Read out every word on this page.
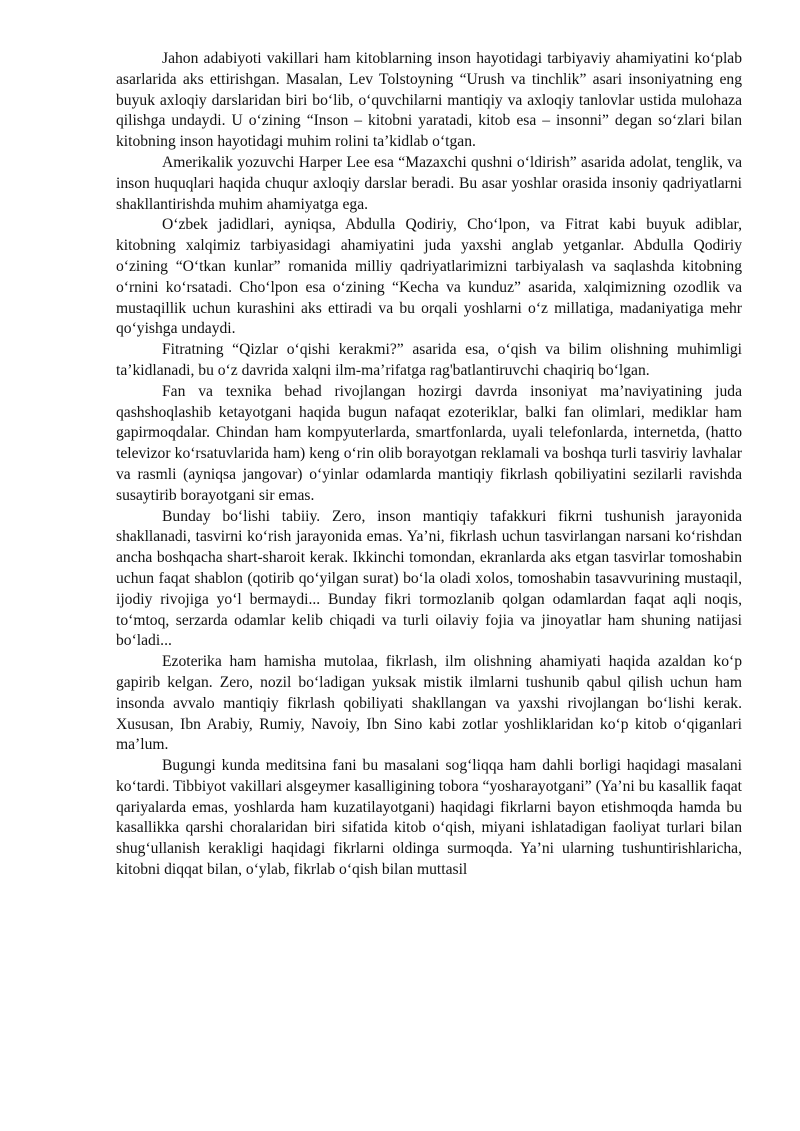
Jahon adabiyoti vakillari ham kitoblarning inson hayotidagi tarbiyaviy ahamiyatini ko‘plab asarlarida aks ettirishgan. Masalan, Lev Tolstoyning “Urush va tinchlik” asari insoniyatning eng buyuk axloqiy darslaridan biri bo‘lib, o‘quvchilarni mantiqiy va axloqiy tanlovlar ustida mulohaza qilishga undaydi. U o‘zining “Inson – kitobni yaratadi, kitob esa – insonni” degan so‘zlari bilan kitobning inson hayotidagi muhim rolini ta’kidlab o‘tgan.

Amerikalik yozuvchi Harper Lee esa “Mazaxchi qushni o‘ldirish” asarida adolat, tenglik, va inson huquqlari haqida chuqur axloqiy darslar beradi. Bu asar yoshlar orasida insoniy qadriyatlarni shakllantirishda muhim ahamiyatga ega.

O‘zbek jadidlari, ayniqsa, Abdulla Qodiriy, Cho‘lpon, va Fitrat kabi buyuk adiblar, kitobning xalqimiz tarbiyasidagi ahamiyatini juda yaxshi anglab yetganlar. Abdulla Qodiriy o‘zining “O‘tkan kunlar” romanida milliy qadriyatlarimizni tarbiyalash va saqlashda kitobning o‘rnini ko‘rsatadi. Cho‘lpon esa o‘zining “Kecha va kunduz” asarida, xalqimizning ozodlik va mustaqillik uchun kurashini aks ettiradi va bu orqali yoshlarni o‘z millatiga, madaniyatiga mehr qo‘yishga undaydi.

Fitratning “Qizlar o‘qishi kerakmi?” asarida esa, o‘qish va bilim olishning muhimligi ta’kidlanadi, bu o‘z davrida xalqni ilm-ma’rifatga rag'batlantiruvchi chaqiriq bo‘lgan.

Fan va texnika behad rivojlangan hozirgi davrda insoniyat ma’naviyatining juda qashshoqlashib ketayotgani haqida bugun nafaqat ezoteriklar, balki fan olimlari, mediklar ham gapirmoqdalar. Chindan ham kompyuterlarda, smartfonlarda, uyali telefonlarda, internetda, (hatto televizor ko‘rsatuvlarida ham) keng o‘rin olib borayotgan reklamali va boshqa turli tasviriy lavhalar va rasmli (ayniqsa jangovar) o‘yinlar odamlarda mantiqiy fikrlash qobiliyatini sezilarli ravishda susaytirib borayotgani sir emas.

Bunday bo‘lishi tabiiy. Zero, inson mantiqiy tafakkuri fikrni tushunish jarayonida shakllanadi, tasvirni ko‘rish jarayonida emas. Ya’ni, fikrlash uchun tasvirlangan narsani ko‘rishdan ancha boshqacha shart-sharoit kerak. Ikkinchi tomondan, ekranlarda aks etgan tasvirlar tomoshabin uchun faqat shablon (qotirib qo‘yilgan surat) bo‘la oladi xolos, tomoshabin tasavvurining mustaqil, ijodiy rivojiga yo‘l bermaydi... Bunday fikri tormozlanib qolgan odamlardan faqat aqli noqis, to‘mtoq, serzarda odamlar kelib chiqadi va turli oilaviy fojia va jinoyatlar ham shuning natijasi bo‘ladi...

Ezoterika ham hamisha mutolaa, fikrlash, ilm olishning ahamiyati haqida azaldan ko‘p gapirib kelgan. Zero, nozil bo‘ladigan yuksak mistik ilmlarni tushunib qabul qilish uchun ham insonda avvalo mantiqiy fikrlash qobiliyati shakllangan va yaxshi rivojlangan bo‘lishi kerak. Xususan, Ibn Arabiy, Rumiy, Navoiy, Ibn Sino kabi zotlar yoshliklaridan ko‘p kitob o‘qiganlari ma’lum.

Bugungi kunda meditsina fani bu masalani sog‘liqqa ham dahli borligi haqidagi masalani ko‘tardi. Tibbiyot vakillari alsgeymer kasalligining tobora “yosharayotgani” (Ya’ni bu kasallik faqat qariyalarda emas, yoshlarda ham kuzatilayotgani) haqidagi fikrlarni bayon etishmoqda hamda bu kasallikka qarshi choralaridan biri sifatida kitob o‘qish, miyani ishlatadigan faoliyat turlari bilan shug‘ullanish kerakligi haqidagi fikrlarni oldinga surmoqda. Ya’ni ularning tushuntirishlaricha, kitobni diqqat bilan, o‘ylab, fikrlab o‘qish bilan muttasil
